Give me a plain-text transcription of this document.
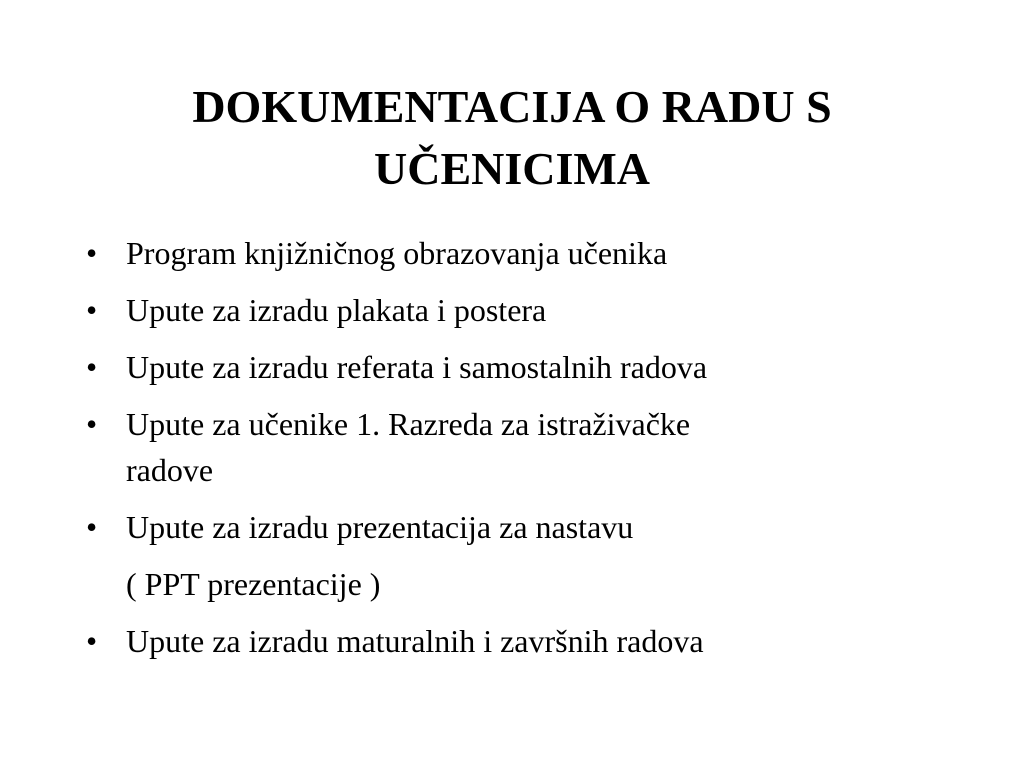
DOKUMENTACIJA O RADU S
UČENICIMA
• Program knjižničnog obrazovanja učenika
• Upute za izradu plakata i postera
• Upute za izradu referata i samostalnih radova
• Upute za učenike 1. Razreda za istraživačke
radove
• Upute za izradu prezentacija za nastavu
( PPT prezentacije )
• Upute za izradu maturalnih i završnih radova
